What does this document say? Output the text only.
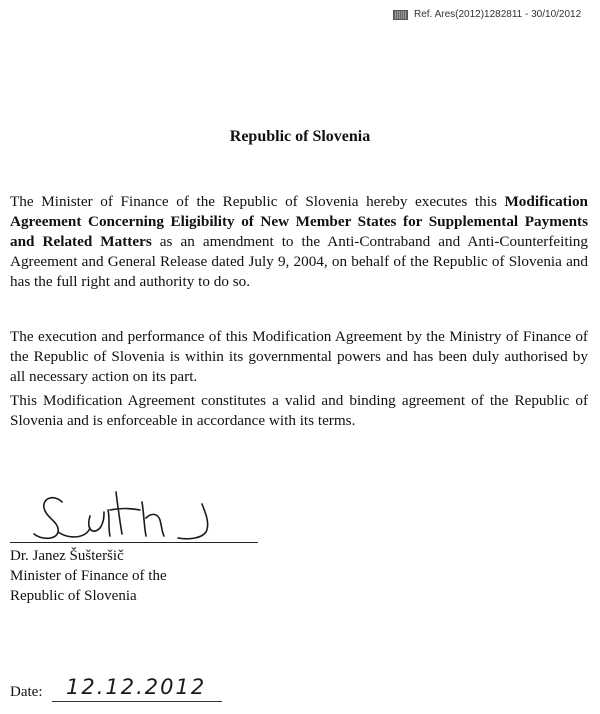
Ref. Ares(2012)1282811 - 30/10/2012
Republic of Slovenia

The Minister of Finance of the Republic of Slovenia hereby executes this Modification Agreement Concerning Eligibility of New Member States for Supplemental Payments and Related Matters as an amendment to the Anti-Contraband and Anti-Counterfeiting Agreement and General Release dated July 9, 2004, on behalf of the Republic of Slovenia and has the full right and authority to do so.

The execution and performance of this Modification Agreement by the Ministry of Finance of the Republic of Slovenia is within its governmental powers and has been duly authorised by all necessary action on its part.

This Modification Agreement constitutes a valid and binding agreement of the Republic of Slovenia and is enforceable in accordance with its terms.

Dr. Janez Šušteršič
Minister of Finance of the
Republic of Slovenia
Date: 12.12.2012
